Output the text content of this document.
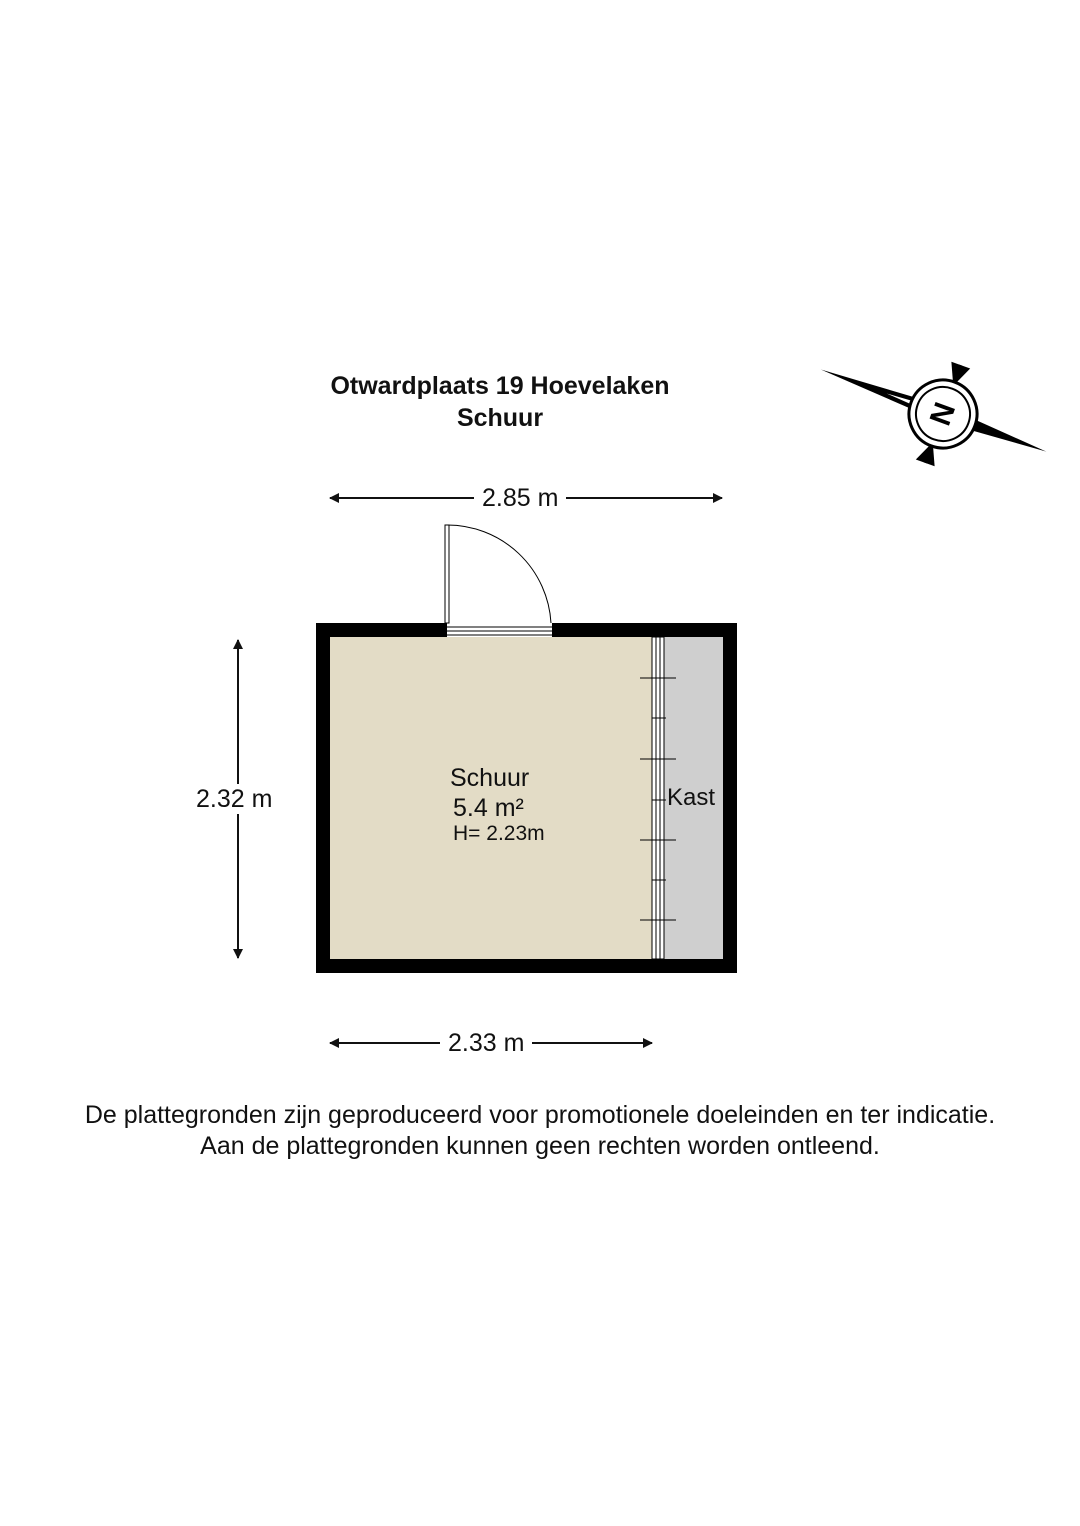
Otwardplaats 19 Hoevelaken
Schuur	N
2.85 m
2.32 m
2.33 m
Schuur
5.4 m²
H= 2.23m
Kast
De plattegronden zijn geproduceerd voor promotionele doeleinden en ter indicatie.
Aan de plattegronden kunnen geen rechten worden ontleend.
